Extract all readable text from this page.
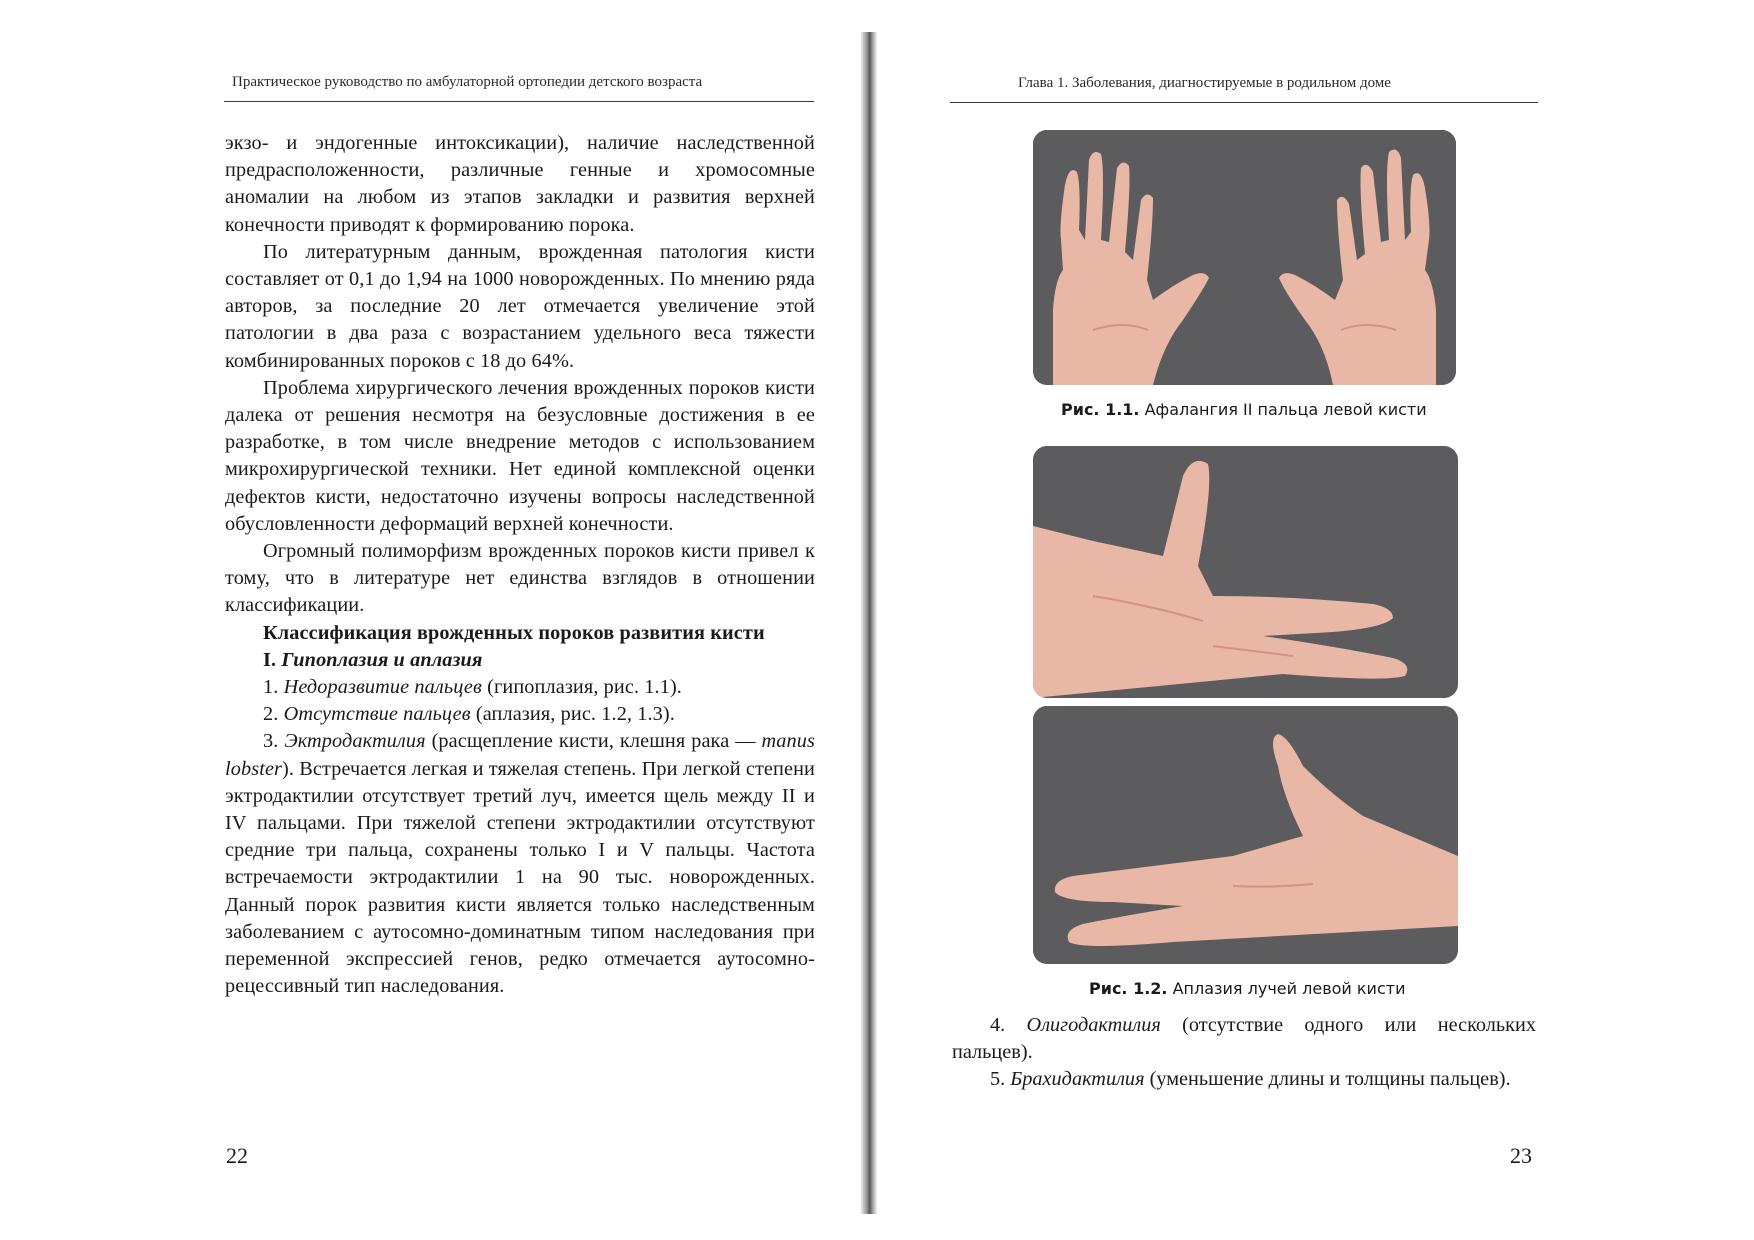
Практическое руководство по амбулаторной ортопедии детского возраста

экзо- и эндогенные интоксикации), наличие наследственной предрасположенности, различные генные и хромосомные аномалии на любом из этапов закладки и развития верхней конечности приводят к формированию порока.

По литературным данным, врожденная патология кисти составляет от 0,1 до 1,94 на 1000 новорожденных. По мнению ряда авторов, за последние 20 лет отмечается увеличение этой патологии в два раза с возрастанием удельного веса тяжести комбинированных пороков с 18 до 64%.

Проблема хирургического лечения врожденных пороков кисти далека от решения несмотря на безусловные достижения в ее разработке, в том числе внедрение методов с использованием микрохирургической техники. Нет единой комплексной оценки дефектов кисти, недостаточно изучены вопросы наследственной обусловленности деформаций верхней конечности.

Огромный полиморфизм врожденных пороков кисти привел к тому, что в литературе нет единства взглядов в отношении классификации.

Классификация врожденных пороков развития кисти

I. Гипоплазия и аплазия

1. Недоразвитие пальцев (гипоплазия, рис. 1.1).

2. Отсутствие пальцев (аплазия, рис. 1.2, 1.3).

3. Эктродактилия (расщепление кисти, клешня рака — manus lobster). Встречается легкая и тяжелая степень. При легкой степени эктродактилии отсутствует третий луч, имеется щель между II и IV пальцами. При тяжелой степени эктродактилии отсутствуют средние три пальца, сохранены только I и V пальцы. Частота встречаемости эктродактилии 1 на 90 тыс. новорожденных. Данный порок развития кисти является только наследственным заболеванием с аутосомно-доминатным типом наследования при переменной экспрессией генов, редко отмечается аутосомно-рецессивный тип наследования.

22
Глава 1. Заболевания, диагностируемые в родильном доме
Рис. 1.1. Афалангия II пальца левой кисти
Рис. 1.2. Аплазия лучей левой кисти

4. Олигодактилия (отсутствие одного или нескольких пальцев).

5. Брахидактилия (уменьшение длины и толщины пальцев).

23
